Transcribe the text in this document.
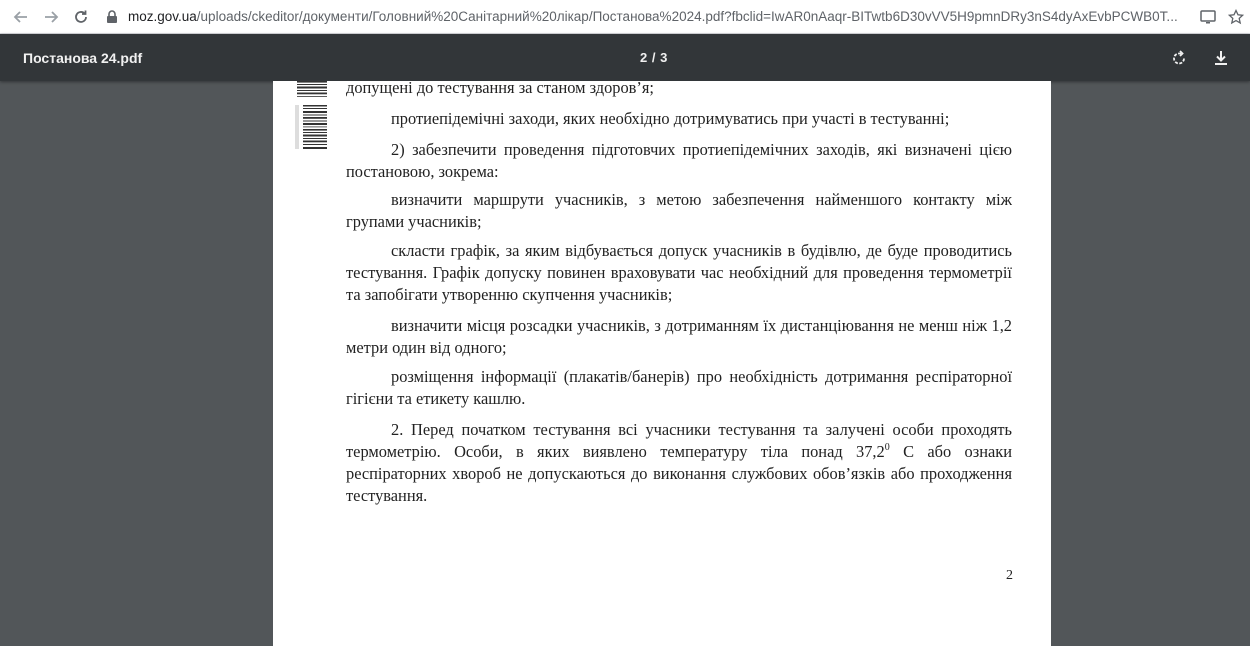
moz.gov.ua/uploads/ckeditor/документи/Головний%20Санітарний%20лікар/Постанова%2024.pdf?fbclid=IwAR0nAaqr-BITwtb6D30vVV5H9pmnDRy3nS4dyAxEvbPCWB0T...
Постанова 24.pdf	2 / 3

допущені до тестування за станом здоров’я;

протиепідемічні заходи, яких необхідно дотримуватись при участі в тестуванні;

2) забезпечити проведення підготовчих протиепідемічних заходів, які визначені цією постановою, зокрема:

визначити маршрути учасників, з метою забезпечення найменшого контакту між групами учасників;

скласти графік, за яким відбувається допуск учасників в будівлю, де буде проводитись тестування. Графік допуску повинен враховувати час необхідний для проведення термометрії та запобігати утворенню скупчення учасників;

визначити місця розсадки учасників, з дотриманням їх дистанціювання не менш ніж 1,2 метри один від одного;

розміщення інформації (плакатів/банерів) про необхідність дотримання респіраторної гігієни та етикету кашлю.

2. Перед початком тестування всі учасники тестування та залучені особи проходять термометрію. Особи, в яких виявлено температуру тіла понад 37,2$^0$ С або ознаки респіраторних хвороб не допускаються до виконання службових обов’язків або проходження тестування.

2
